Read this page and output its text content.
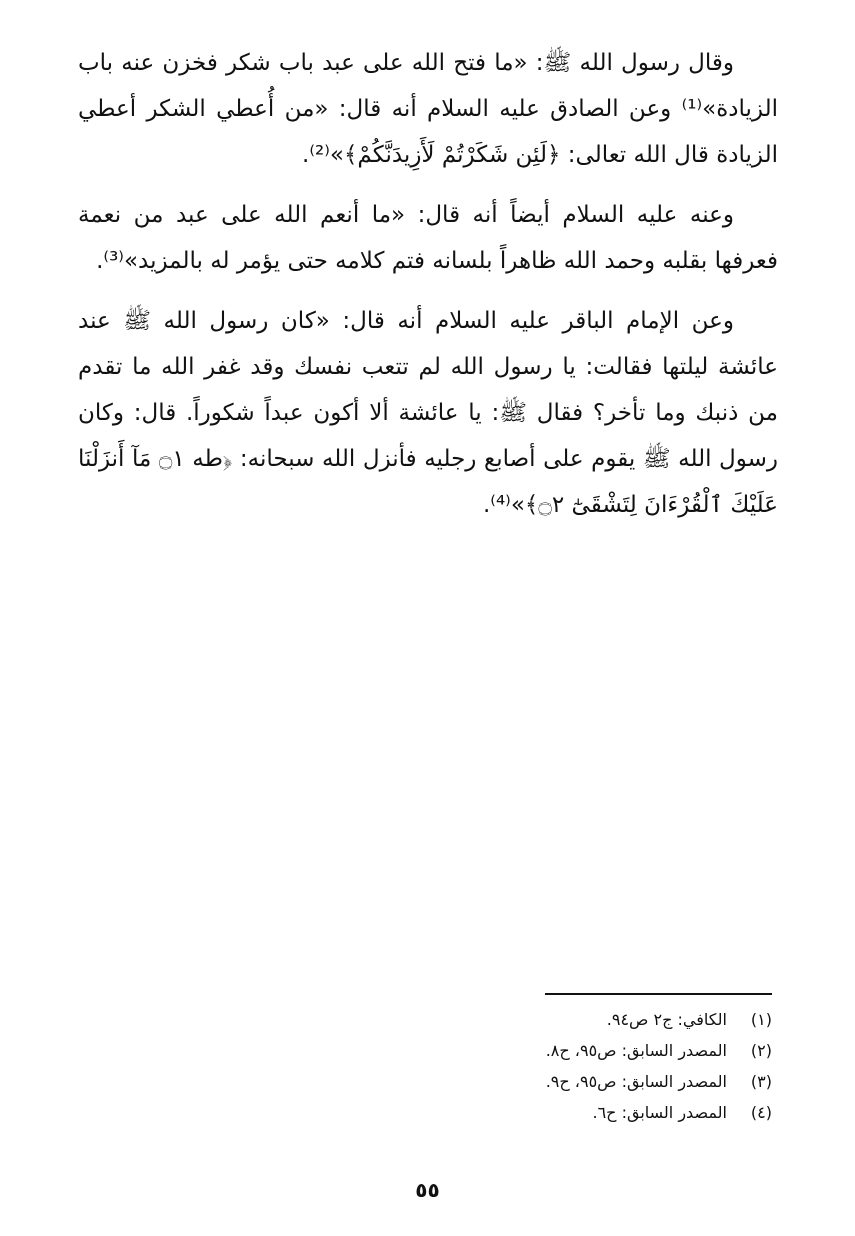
وقال رسول الله ﷺ: «ما فتح الله على عبد باب شكر فخزن عنه باب الزيادة»⁽¹⁾ وعن الصادق عليه السلام أنه قال: «من أُعطي الشكر أعطي الزيادة قال الله تعالى: ﴿لَئِن شَكَرْتُمْ لَأَزِيدَنَّكُمْ﴾»⁽²⁾.

وعنه عليه السلام أيضاً أنه قال: «ما أنعم الله على عبد من نعمة فعرفها بقلبه وحمد الله ظاهراً بلسانه فتم كلامه حتى يؤمر له بالمزيد»⁽³⁾.

وعن الإمام الباقر عليه السلام أنه قال: «كان رسول الله ﷺ عند عائشة ليلتها فقالت: يا رسول الله لم تتعب نفسك وقد غفر الله ما تقدم من ذنبك وما تأخر؟ فقال ﷺ: يا عائشة ألا أكون عبداً شكوراً. قال: وكان رسول الله ﷺ يقوم على أصابع رجليه فأنزل الله سبحانه: ﴿طه ۝١ مَآ أَنزَلْنَا عَلَيْكَ ٱلْقُرْءَانَ لِتَشْقَىٰٓ ۝٢﴾»⁽⁴⁾.

(١) الكافي: ج٢ ص٩٤.
(٢) المصدر السابق: ص٩٥، ح٨.
(٣) المصدر السابق: ص٩٥، ح٩.
(٤) المصدر السابق: ح٦.
٥٥
